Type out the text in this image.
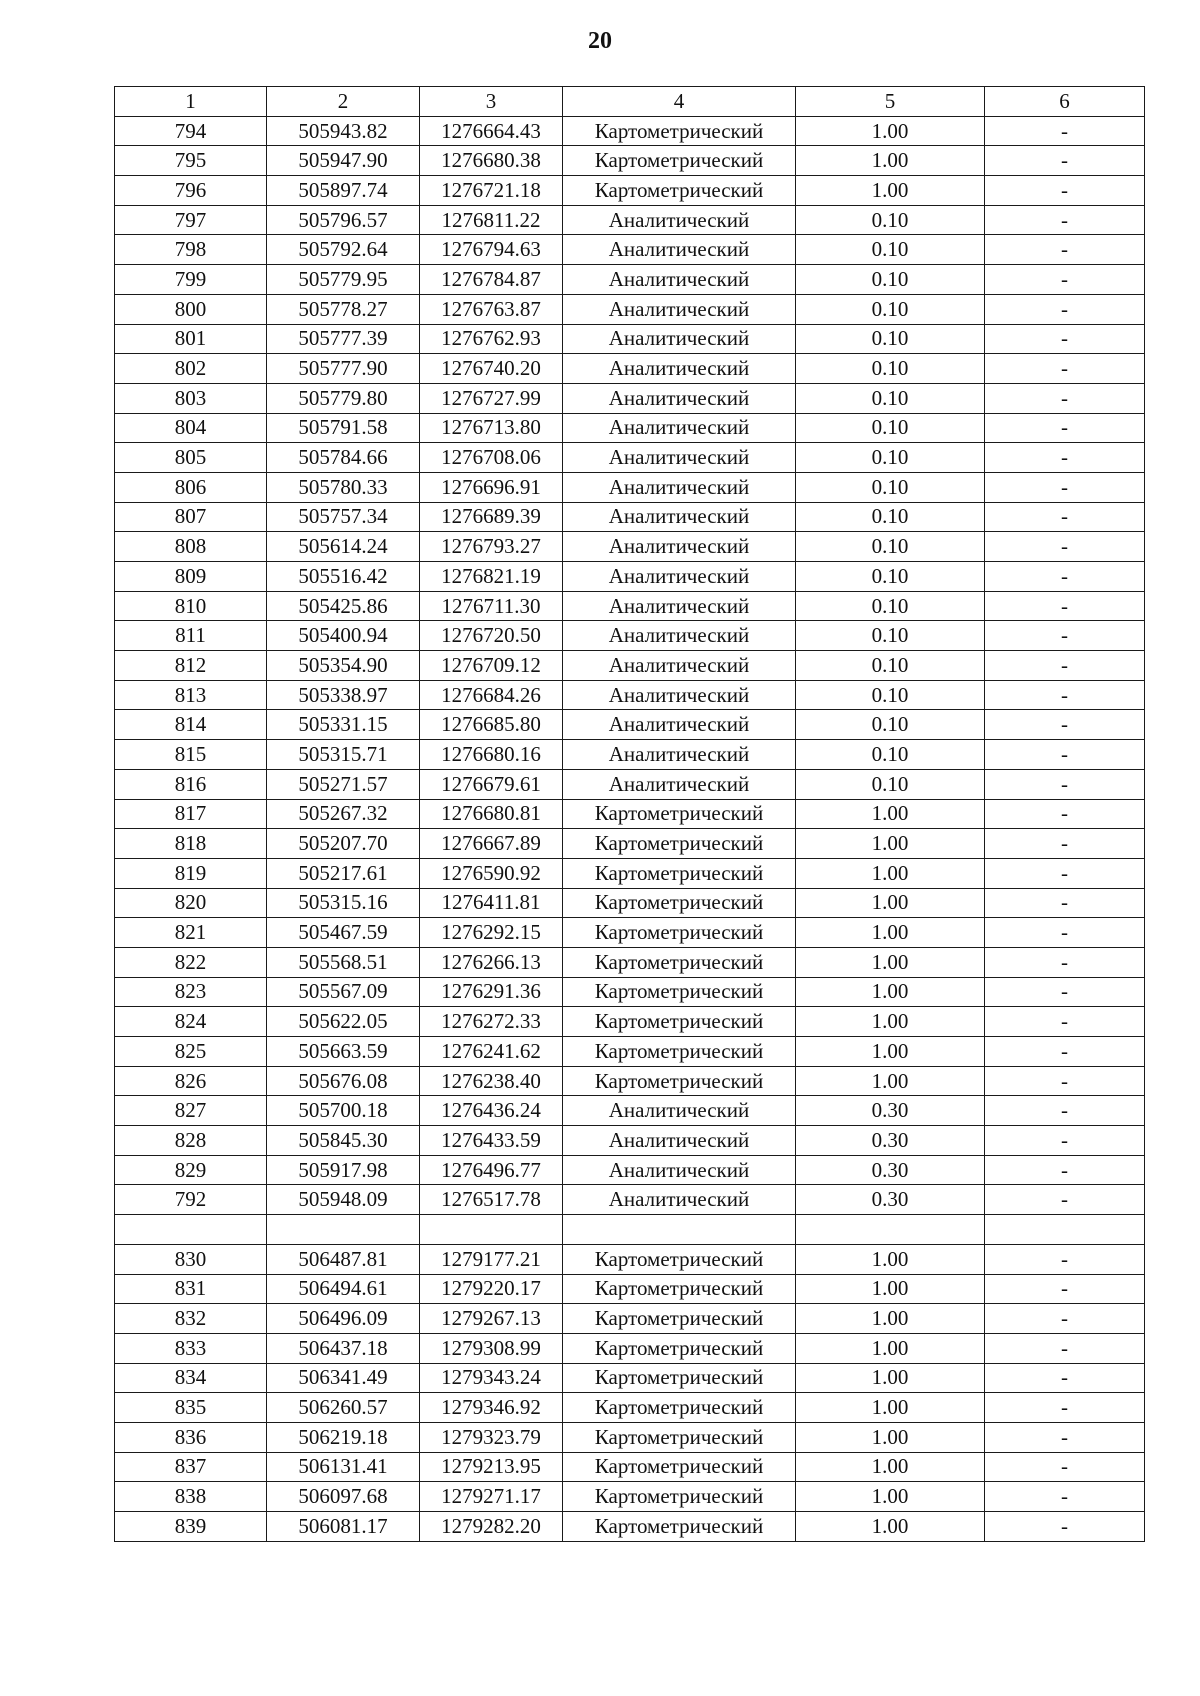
20
1	2	3	4	5	6
794	505943.82	1276664.43	Картометрический	1.00	-
795	505947.90	1276680.38	Картометрический	1.00	-
796	505897.74	1276721.18	Картометрический	1.00	-
797	505796.57	1276811.22	Аналитический	0.10	-
798	505792.64	1276794.63	Аналитический	0.10	-
799	505779.95	1276784.87	Аналитический	0.10	-
800	505778.27	1276763.87	Аналитический	0.10	-
801	505777.39	1276762.93	Аналитический	0.10	-
802	505777.90	1276740.20	Аналитический	0.10	-
803	505779.80	1276727.99	Аналитический	0.10	-
804	505791.58	1276713.80	Аналитический	0.10	-
805	505784.66	1276708.06	Аналитический	0.10	-
806	505780.33	1276696.91	Аналитический	0.10	-
807	505757.34	1276689.39	Аналитический	0.10	-
808	505614.24	1276793.27	Аналитический	0.10	-
809	505516.42	1276821.19	Аналитический	0.10	-
810	505425.86	1276711.30	Аналитический	0.10	-
811	505400.94	1276720.50	Аналитический	0.10	-
812	505354.90	1276709.12	Аналитический	0.10	-
813	505338.97	1276684.26	Аналитический	0.10	-
814	505331.15	1276685.80	Аналитический	0.10	-
815	505315.71	1276680.16	Аналитический	0.10	-
816	505271.57	1276679.61	Аналитический	0.10	-
817	505267.32	1276680.81	Картометрический	1.00	-
818	505207.70	1276667.89	Картометрический	1.00	-
819	505217.61	1276590.92	Картометрический	1.00	-
820	505315.16	1276411.81	Картометрический	1.00	-
821	505467.59	1276292.15	Картометрический	1.00	-
822	505568.51	1276266.13	Картометрический	1.00	-
823	505567.09	1276291.36	Картометрический	1.00	-
824	505622.05	1276272.33	Картометрический	1.00	-
825	505663.59	1276241.62	Картометрический	1.00	-
826	505676.08	1276238.40	Картометрический	1.00	-
827	505700.18	1276436.24	Аналитический	0.30	-
828	505845.30	1276433.59	Аналитический	0.30	-
829	505917.98	1276496.77	Аналитический	0.30	-
792	505948.09	1276517.78	Аналитический	0.30	-

830	506487.81	1279177.21	Картометрический	1.00	-
831	506494.61	1279220.17	Картометрический	1.00	-
832	506496.09	1279267.13	Картометрический	1.00	-
833	506437.18	1279308.99	Картометрический	1.00	-
834	506341.49	1279343.24	Картометрический	1.00	-
835	506260.57	1279346.92	Картометрический	1.00	-
836	506219.18	1279323.79	Картометрический	1.00	-
837	506131.41	1279213.95	Картометрический	1.00	-
838	506097.68	1279271.17	Картометрический	1.00	-
839	506081.17	1279282.20	Картометрический	1.00	-
